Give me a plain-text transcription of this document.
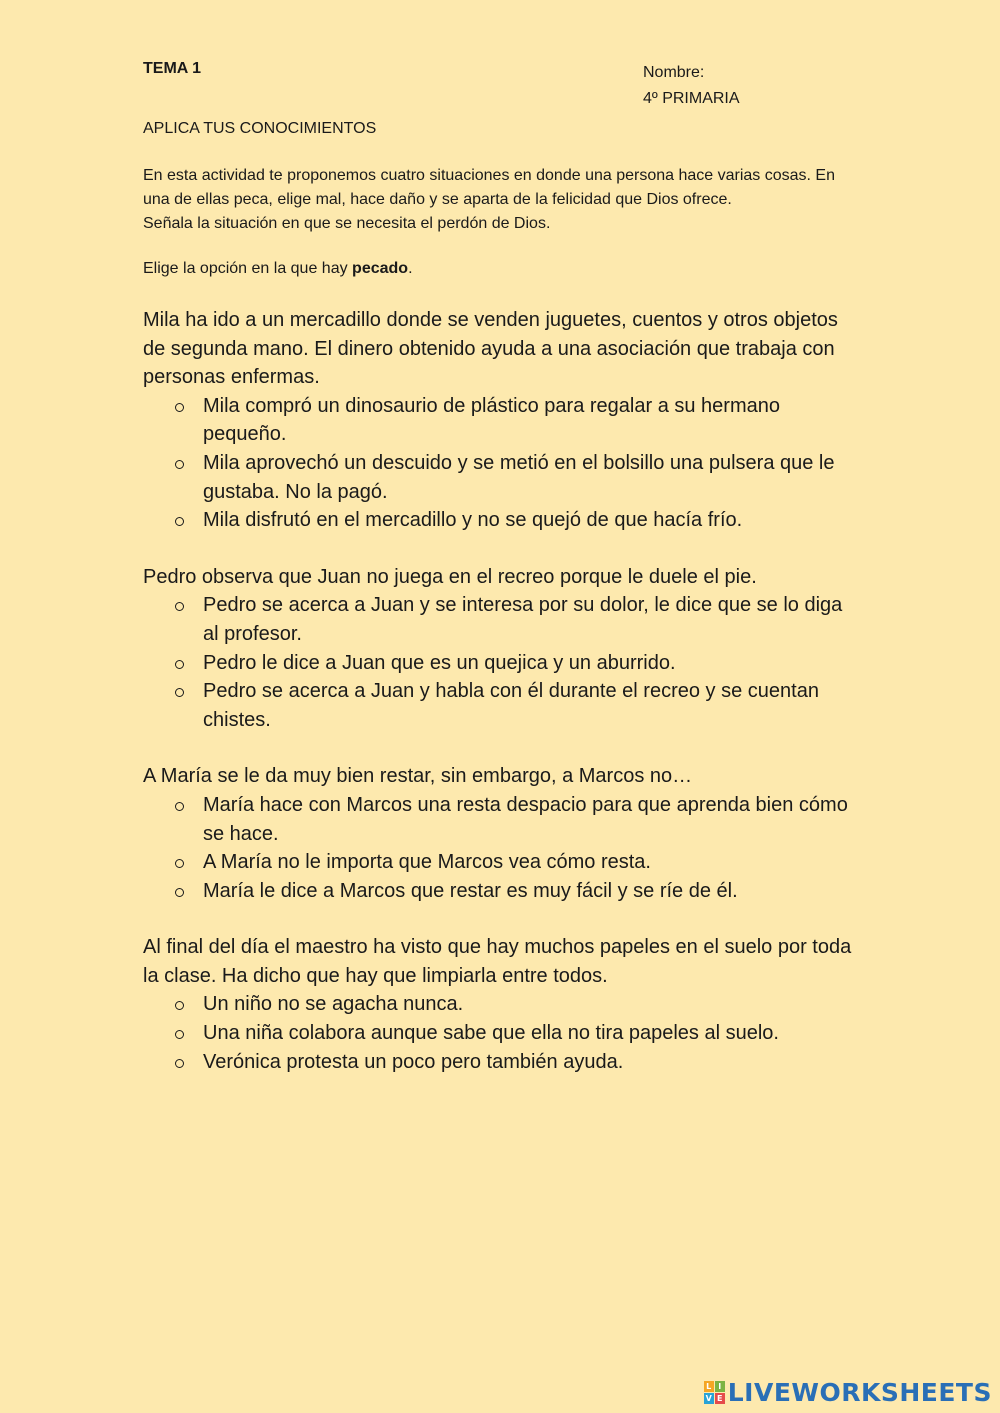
TEMA 1	Nombre:
4º PRIMARIA
APLICA TUS CONOCIMIENTOS

En esta actividad te proponemos cuatro situaciones en donde una persona hace varias cosas. En una de ellas peca, elige mal, hace daño y se aparta de la felicidad que Dios ofrece.

Señala la situación en que se necesita el perdón de Dios.

Elige la opción en la que hay pecado.

Mila ha ido a un mercadillo donde se venden juguetes, cuentos y otros objetos de segunda mano. El dinero obtenido ayuda a una asociación que trabaja con personas enfermas.

Mila compró un dinosaurio de plástico para regalar a su hermano pequeño.
Mila aprovechó un descuido y se metió en el bolsillo una pulsera que le gustaba. No la pagó.
Mila disfrutó en el mercadillo y no se quejó de que hacía frío.

Pedro observa que Juan no juega en el recreo porque le duele el pie.

Pedro se acerca a Juan y se interesa por su dolor, le dice que se lo diga al profesor.
Pedro le dice a Juan que es un quejica y un aburrido.
Pedro se acerca a Juan y habla con él durante el recreo y se cuentan chistes.

A María se le da muy bien restar, sin embargo, a Marcos no…

María hace con Marcos una resta despacio para que aprenda bien cómo se hace.
A María no le importa que Marcos vea cómo resta.
María le dice a Marcos que restar es muy fácil y se ríe de él.

Al final del día el maestro ha visto que hay muchos papeles en el suelo por toda la clase. Ha dicho que hay que limpiarla entre todos.

Un niño no se agacha nunca.
Una niña colabora aunque sabe que ella no tira papeles al suelo.
Verónica protesta un poco pero también ayuda.
L I
V E LIVEWORKSHEETS
